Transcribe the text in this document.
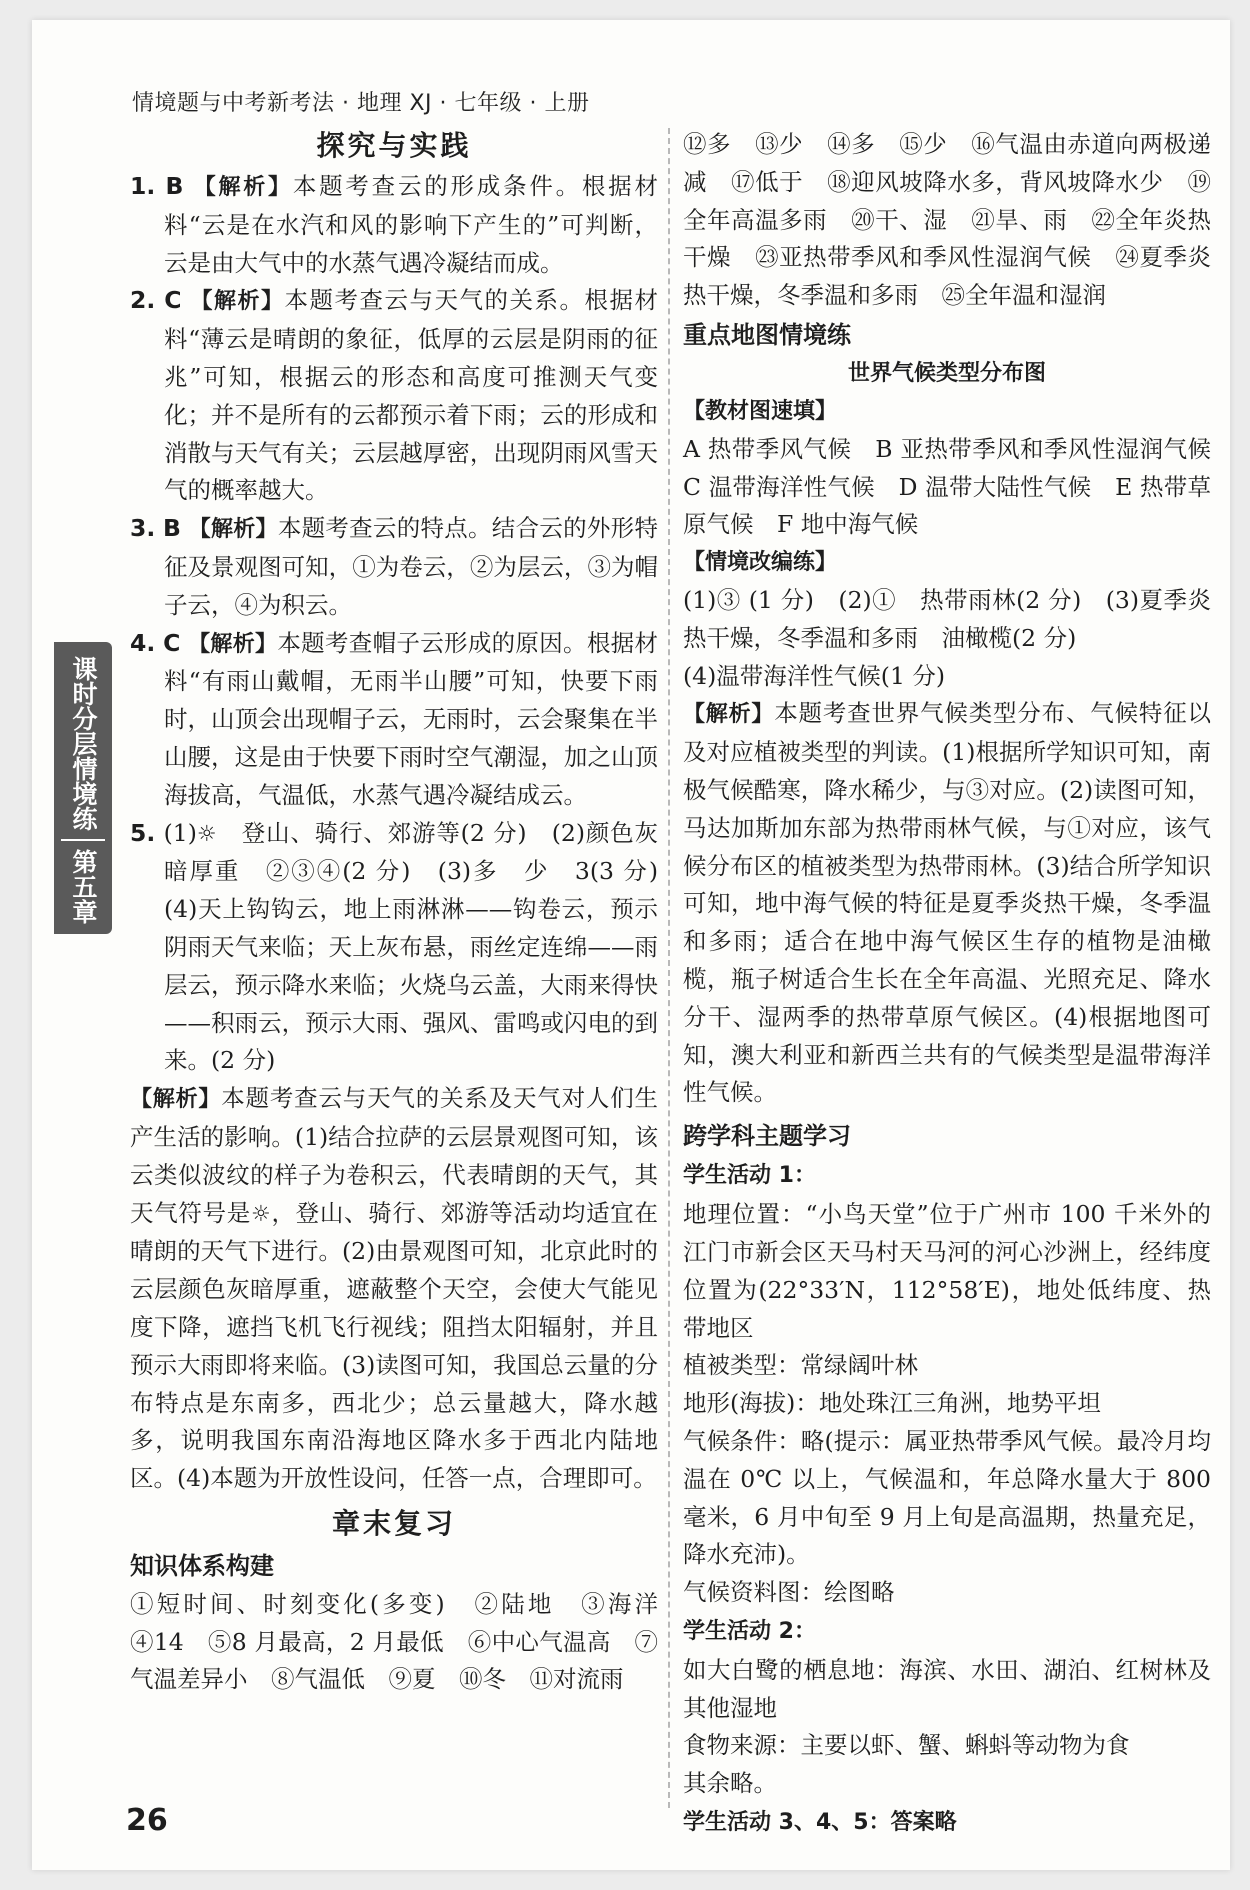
情境题与中考新考法 · 地理 XJ · 七年级 · 上册
课时分层情境练
第五章
探究与实践

1. B 【解析】本题考查云的形成条件。根据材料“云是在水汽和风的影响下产生的”可判断，云是由大气中的水蒸气遇冷凝结而成。

2. C 【解析】本题考查云与天气的关系。根据材料“薄云是晴朗的象征，低厚的云层是阴雨的征兆”可知，根据云的形态和高度可推测天气变化；并不是所有的云都预示着下雨；云的形成和消散与天气有关；云层越厚密，出现阴雨风雪天气的概率越大。

3. B 【解析】本题考查云的特点。结合云的外形特征及景观图可知，①为卷云，②为层云，③为帽子云，④为积云。

4. C 【解析】本题考查帽子云形成的原因。根据材料“有雨山戴帽，无雨半山腰”可知，快要下雨时，山顶会出现帽子云，无雨时，云会聚集在半山腰，这是由于快要下雨时空气潮湿，加之山顶海拔高，气温低，水蒸气遇冷凝结成云。

5. (1)☼　登山、骑行、郊游等(2 分)　(2)颜色灰暗厚重　②③④(2 分)　(3)多　少　3(3 分)　(4)天上钩钩云，地上雨淋淋——钩卷云，预示阴雨天气来临；天上灰布悬，雨丝定连绵——雨层云，预示降水来临；火烧乌云盖，大雨来得快——积雨云，预示大雨、强风、雷鸣或闪电的到来。(2 分)

【解析】本题考查云与天气的关系及天气对人们生产生活的影响。(1)结合拉萨的云层景观图可知，该云类似波纹的样子为卷积云，代表晴朗的天气，其天气符号是☼，登山、骑行、郊游等活动均适宜在晴朗的天气下进行。(2)由景观图可知，北京此时的云层颜色灰暗厚重，遮蔽整个天空，会使大气能见度下降，遮挡飞机飞行视线；阻挡太阳辐射，并且预示大雨即将来临。(3)读图可知，我国总云量的分布特点是东南多，西北少；总云量越大，降水越多，说明我国东南沿海地区降水多于西北内陆地区。(4)本题为开放性设问，任答一点，合理即可。

章末复习
知识体系构建

①短时间、时刻变化(多变)　②陆地　③海洋　④14　⑤8 月最高，2 月最低　⑥中心气温高　⑦气温差异小　⑧气温低　⑨夏　⑩冬　⑪对流雨

⑫多　⑬少　⑭多　⑮少　⑯气温由赤道向两极递减　⑰低于　⑱迎风坡降水多，背风坡降水少　⑲全年高温多雨　⑳干、湿　㉑旱、雨　㉒全年炎热干燥　㉓亚热带季风和季风性湿润气候　㉔夏季炎热干燥，冬季温和多雨　㉕全年温和湿润

重点地图情境练
世界气候类型分布图
【教材图速填】

A 热带季风气候　B 亚热带季风和季风性湿润气候　C 温带海洋性气候　D 温带大陆性气候　E 热带草原气候　F 地中海气候

【情境改编练】

(1)③ (1 分)　(2)①　热带雨林(2 分)　(3)夏季炎热干燥，冬季温和多雨　油橄榄(2 分)

(4)温带海洋性气候(1 分)

【解析】本题考查世界气候类型分布、气候特征以及对应植被类型的判读。(1)根据所学知识可知，南极气候酷寒，降水稀少，与③对应。(2)读图可知，马达加斯加东部为热带雨林气候，与①对应，该气候分布区的植被类型为热带雨林。(3)结合所学知识可知，地中海气候的特征是夏季炎热干燥，冬季温和多雨；适合在地中海气候区生存的植物是油橄榄，瓶子树适合生长在全年高温、光照充足、降水分干、湿两季的热带草原气候区。(4)根据地图可知，澳大利亚和新西兰共有的气候类型是温带海洋性气候。

跨学科主题学习
学生活动 1：

地理位置：“小鸟天堂”位于广州市 100 千米外的江门市新会区天马村天马河的河心沙洲上，经纬度位置为(22°33′N，112°58′E)，地处低纬度、热带地区

植被类型：常绿阔叶林

地形(海拔)：地处珠江三角洲，地势平坦

气候条件：略(提示：属亚热带季风气候。最冷月均温在 0℃ 以上，气候温和，年总降水量大于 800 毫米，6 月中旬至 9 月上旬是高温期，热量充足，降水充沛)。

气候资料图：绘图略

学生活动 2：

如大白鹭的栖息地：海滨、水田、湖泊、红树林及其他湿地

食物来源：主要以虾、蟹、蝌蚪等动物为食

其余略。

学生活动 3、4、5：答案略
26
